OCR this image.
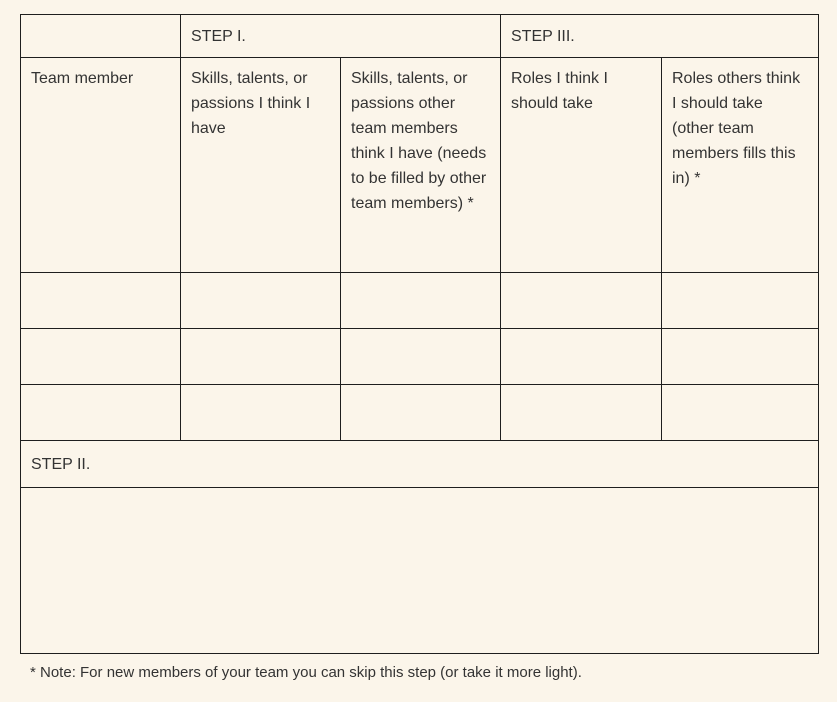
	STEP I.		STEP III.	
Team member	Skills, talents, or passions I think I have	Skills, talents, or passions other team members think I have (needs to be filled by other team members) *	Roles I think I should take	Roles others think I should take (other team members fills this in) *

STEP II.				

* Note: For new members of your team you can skip this step (or take it more light).
